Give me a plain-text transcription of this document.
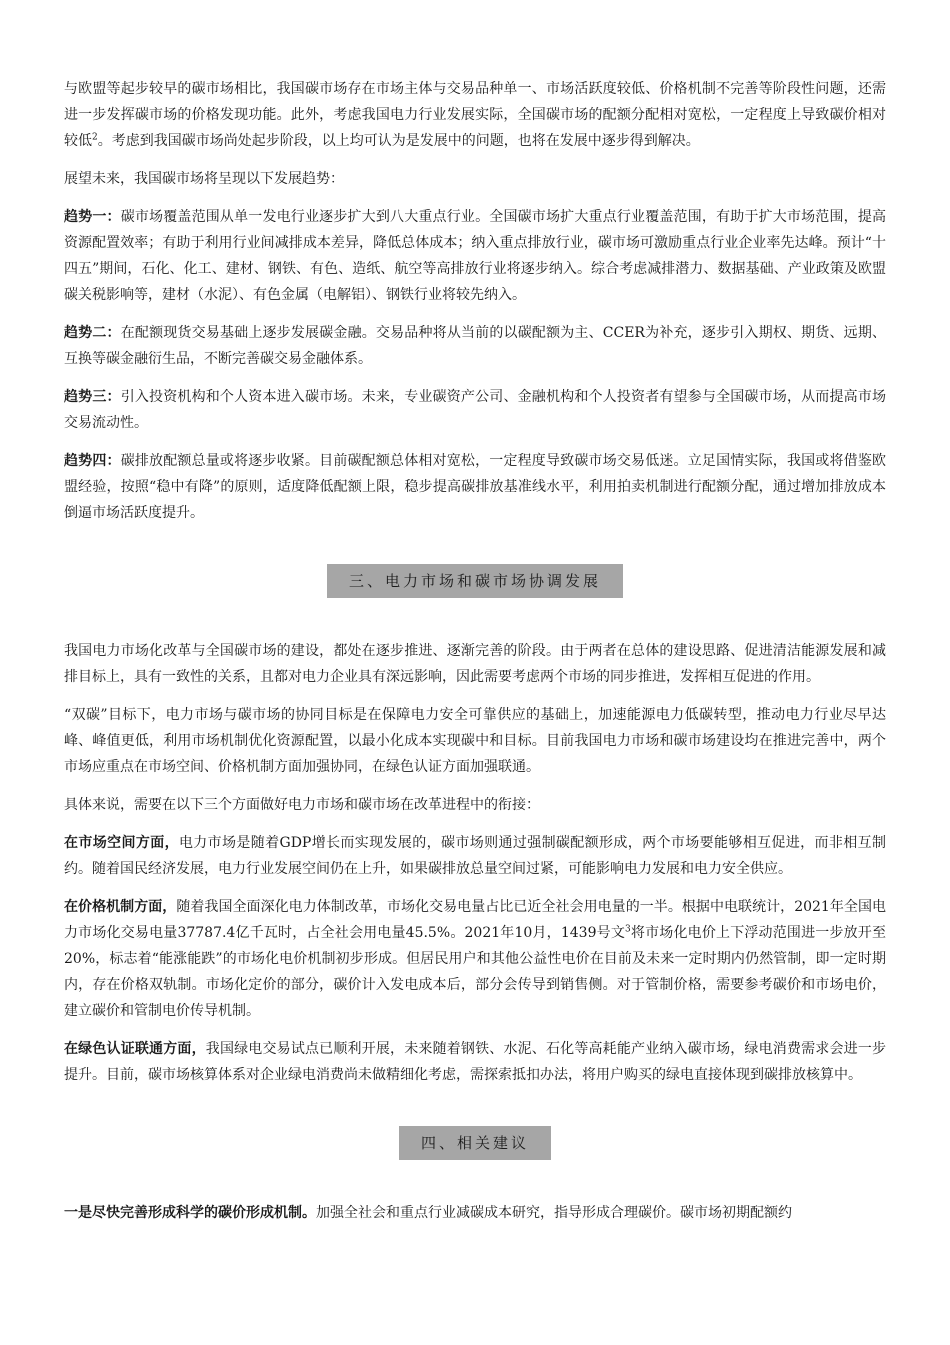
与欧盟等起步较早的碳市场相比，我国碳市场存在市场主体与交易品种单一、市场活跃度较低、价格机制不完善等阶段性问题，还需进一步发挥碳市场的价格发现功能。此外，考虑我国电力行业发展实际，全国碳市场的配额分配相对宽松，一定程度上导致碳价相对较低$^2$。考虑到我国碳市场尚处起步阶段，以上均可认为是发展中的问题，也将在发展中逐步得到解决。

展望未来，我国碳市场将呈现以下发展趋势：

趋势一：碳市场覆盖范围从单一发电行业逐步扩大到八大重点行业。全国碳市场扩大重点行业覆盖范围，有助于扩大市场范围，提高资源配置效率；有助于利用行业间减排成本差异，降低总体成本；纳入重点排放行业，碳市场可激励重点行业企业率先达峰。预计“十四五”期间，石化、化工、建材、钢铁、有色、造纸、航空等高排放行业将逐步纳入。综合考虑减排潜力、数据基础、产业政策及欧盟碳关税影响等，建材（水泥）、有色金属（电解铝）、钢铁行业将较先纳入。

趋势二：在配额现货交易基础上逐步发展碳金融。交易品种将从当前的以碳配额为主、CCER为补充，逐步引入期权、期货、远期、互换等碳金融衍生品，不断完善碳交易金融体系。

趋势三：引入投资机构和个人资本进入碳市场。未来，专业碳资产公司、金融机构和个人投资者有望参与全国碳市场，从而提高市场交易流动性。

趋势四：碳排放配额总量或将逐步收紧。目前碳配额总体相对宽松，一定程度导致碳市场交易低迷。立足国情实际，我国或将借鉴欧盟经验，按照“稳中有降”的原则，适度降低配额上限，稳步提高碳排放基准线水平，利用拍卖机制进行配额分配，通过增加排放成本倒逼市场活跃度提升。

三、电力市场和碳市场协调发展

我国电力市场化改革与全国碳市场的建设，都处在逐步推进、逐渐完善的阶段。由于两者在总体的建设思路、促进清洁能源发展和减排目标上，具有一致性的关系，且都对电力企业具有深远影响，因此需要考虑两个市场的同步推进，发挥相互促进的作用。

“双碳”目标下，电力市场与碳市场的协同目标是在保障电力安全可靠供应的基础上，加速能源电力低碳转型，推动电力行业尽早达峰、峰值更低，利用市场机制优化资源配置，以最小化成本实现碳中和目标。目前我国电力市场和碳市场建设均在推进完善中，两个市场应重点在市场空间、价格机制方面加强协同，在绿色认证方面加强联通。

具体来说，需要在以下三个方面做好电力市场和碳市场在改革进程中的衔接：

在市场空间方面，电力市场是随着GDP增长而实现发展的，碳市场则通过强制碳配额形成，两个市场要能够相互促进，而非相互制约。随着国民经济发展，电力行业发展空间仍在上升，如果碳排放总量空间过紧，可能影响电力发展和电力安全供应。

在价格机制方面，随着我国全面深化电力体制改革，市场化交易电量占比已近全社会用电量的一半。根据中电联统计，2021年全国电力市场化交易电量37787.4亿千瓦时，占全社会用电量45.5%。2021年10月，1439号文$^3$将市场化电价上下浮动范围进一步放开至20%，标志着“能涨能跌”的市场化电价机制初步形成。但居民用户和其他公益性电价在目前及未来一定时期内仍然管制，即一定时期内，存在价格双轨制。市场化定价的部分，碳价计入发电成本后，部分会传导到销售侧。对于管制价格，需要参考碳价和市场电价，建立碳价和管制电价传导机制。

在绿色认证联通方面，我国绿电交易试点已顺利开展，未来随着钢铁、水泥、石化等高耗能产业纳入碳市场，绿电消费需求会进一步提升。目前，碳市场核算体系对企业绿电消费尚未做精细化考虑，需探索抵扣办法，将用户购买的绿电直接体现到碳排放核算中。

四、相关建议

一是尽快完善形成科学的碳价形成机制。加强全社会和重点行业减碳成本研究，指导形成合理碳价。碳市场初期配额约
